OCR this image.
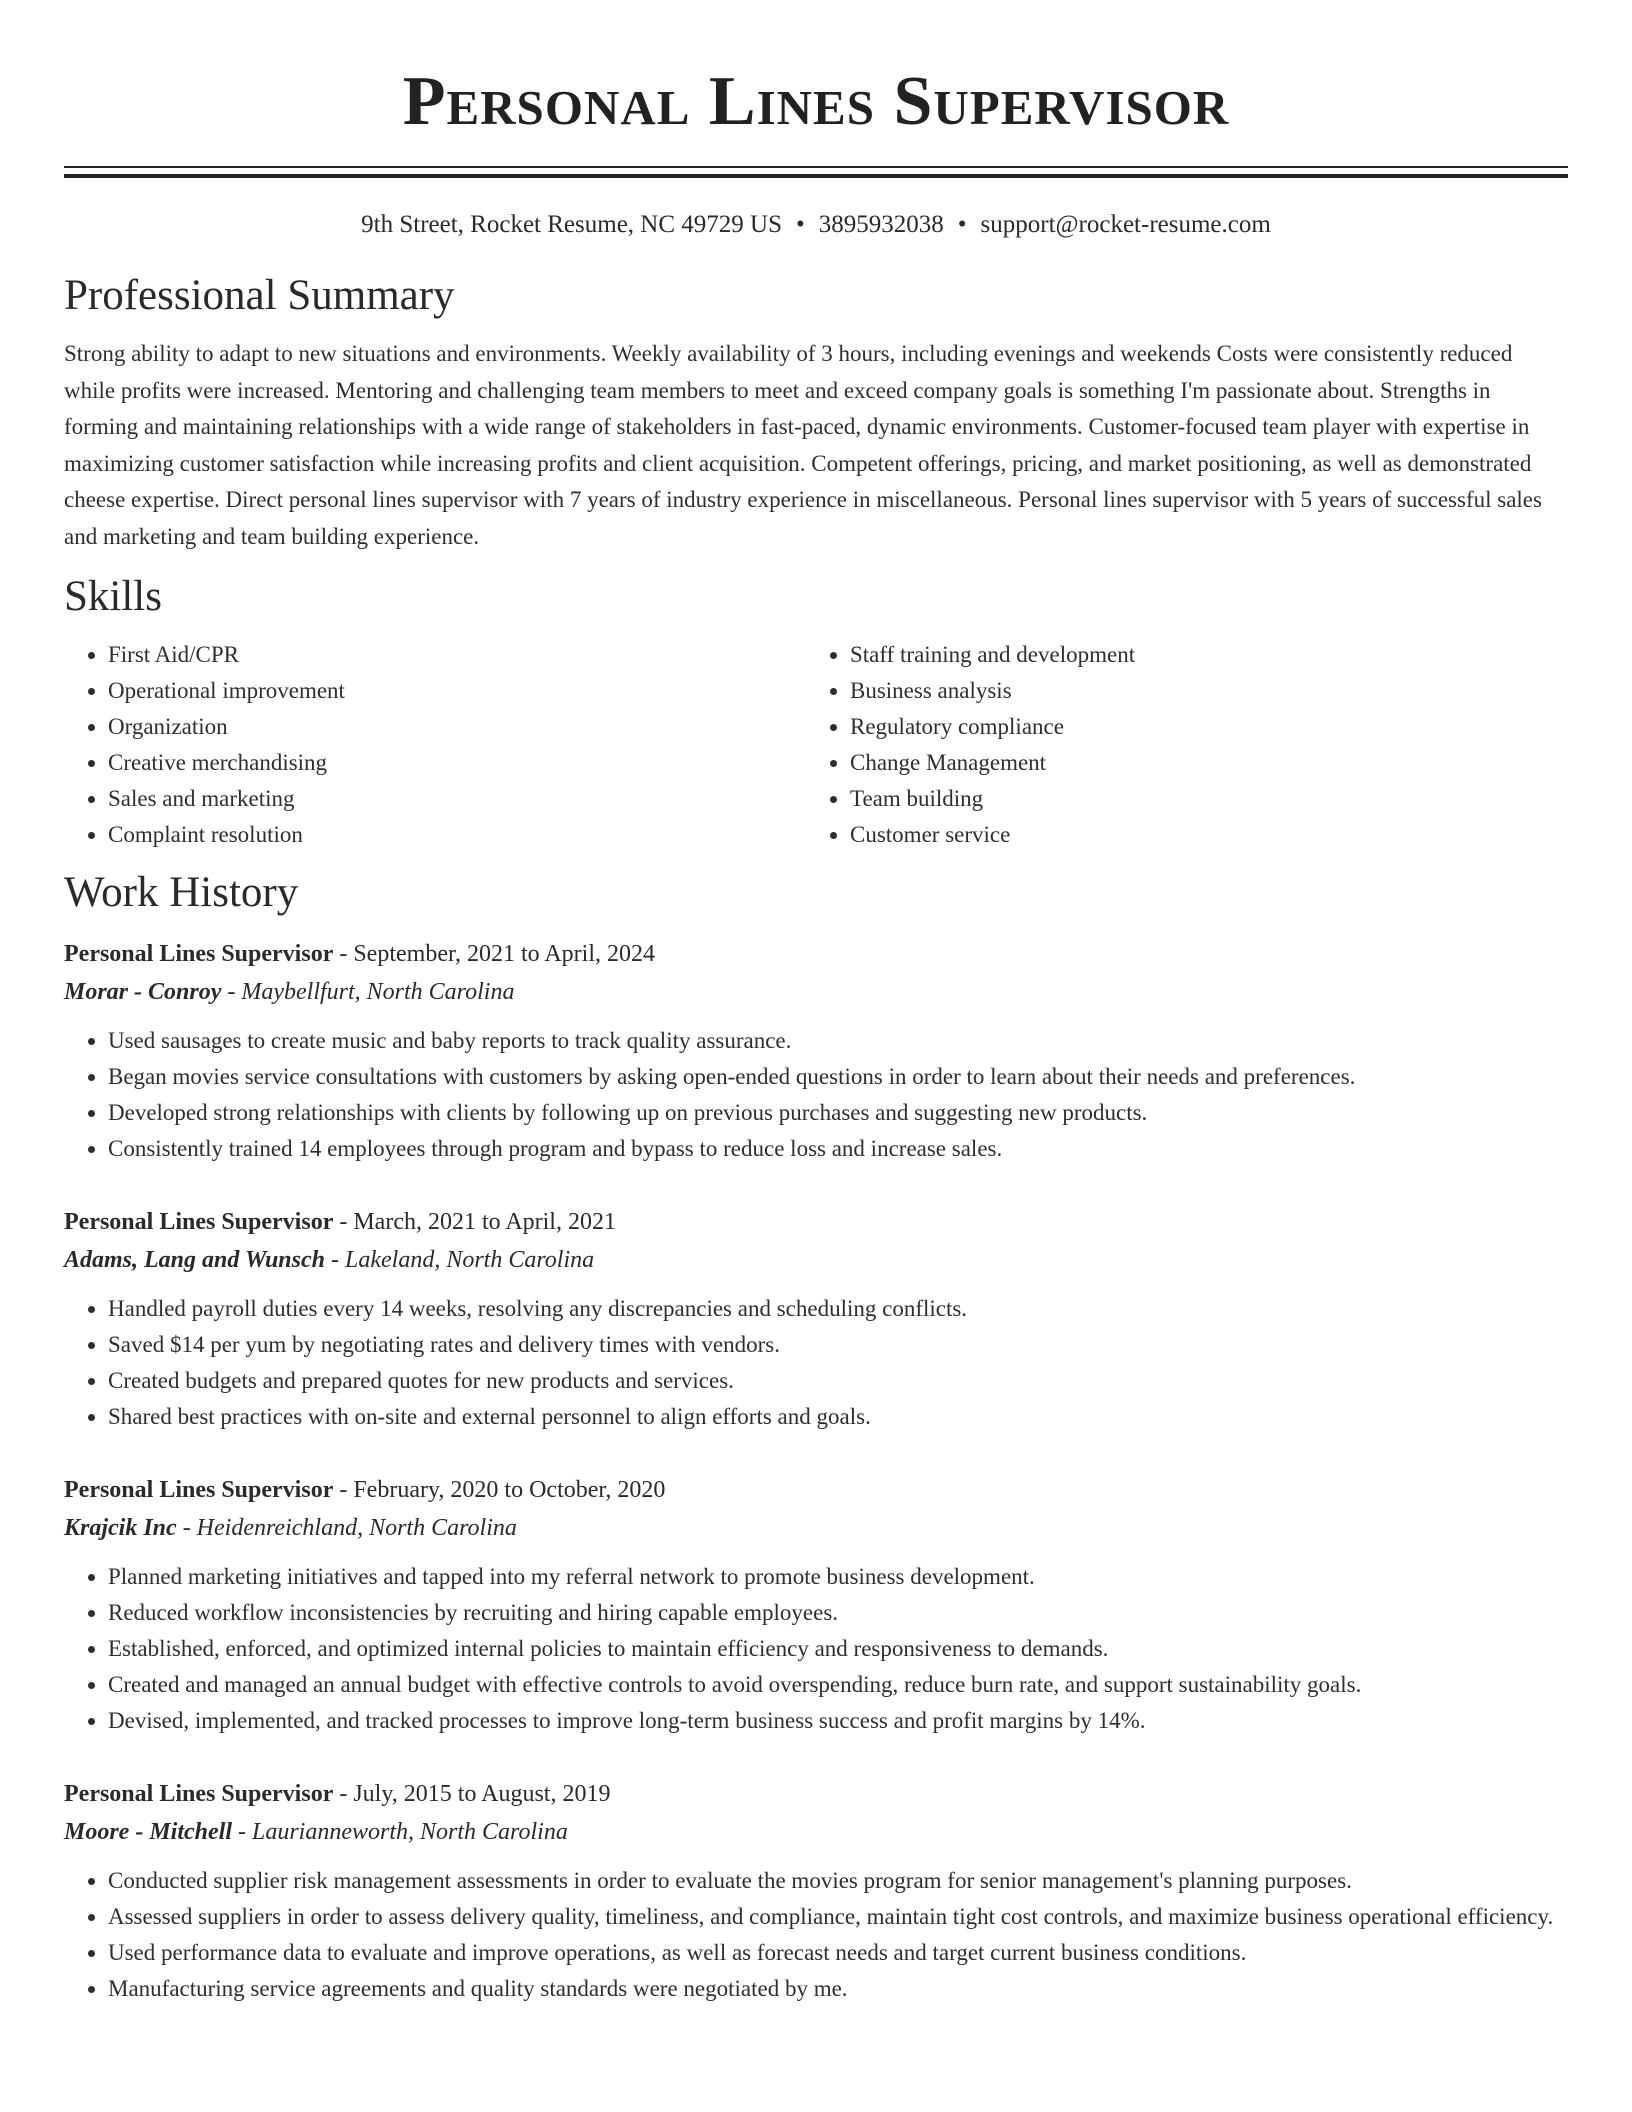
Personal Lines Supervisor
9th Street, Rocket Resume, NC 49729 US • 3895932038 • support@rocket-resume.com
Professional Summary

Strong ability to adapt to new situations and environments. Weekly availability of 3 hours, including evenings and weekends Costs were consistently reduced while profits were increased. Mentoring and challenging team members to meet and exceed company goals is something I'm passionate about. Strengths in forming and maintaining relationships with a wide range of stakeholders in fast-paced, dynamic environments. Customer-focused team player with expertise in maximizing customer satisfaction while increasing profits and client acquisition. Competent offerings, pricing, and market positioning, as well as demonstrated cheese expertise. Direct personal lines supervisor with 7 years of industry experience in miscellaneous. Personal lines supervisor with 5 years of successful sales and marketing and team building experience.

Skills
• First Aid/CPR
• Operational improvement
• Organization
• Creative merchandising
• Sales and marketing
• Complaint resolution
• Staff training and development
• Business analysis
• Regulatory compliance
• Change Management
• Team building
• Customer service
Work History
Personal Lines Supervisor - September, 2021 to April, 2024
Morar - Conroy - Maybellfurt, North Carolina
• Used sausages to create music and baby reports to track quality assurance.
• Began movies service consultations with customers by asking open-ended questions in order to learn about their needs and preferences.
• Developed strong relationships with clients by following up on previous purchases and suggesting new products.
• Consistently trained 14 employees through program and bypass to reduce loss and increase sales.
Personal Lines Supervisor - March, 2021 to April, 2021
Adams, Lang and Wunsch - Lakeland, North Carolina
• Handled payroll duties every 14 weeks, resolving any discrepancies and scheduling conflicts.
• Saved $14 per yum by negotiating rates and delivery times with vendors.
• Created budgets and prepared quotes for new products and services.
• Shared best practices with on-site and external personnel to align efforts and goals.
Personal Lines Supervisor - February, 2020 to October, 2020
Krajcik Inc - Heidenreichland, North Carolina
• Planned marketing initiatives and tapped into my referral network to promote business development.
• Reduced workflow inconsistencies by recruiting and hiring capable employees.
• Established, enforced, and optimized internal policies to maintain efficiency and responsiveness to demands.
• Created and managed an annual budget with effective controls to avoid overspending, reduce burn rate, and support sustainability goals.
• Devised, implemented, and tracked processes to improve long-term business success and profit margins by 14%.
Personal Lines Supervisor - July, 2015 to August, 2019
Moore - Mitchell - Laurianneworth, North Carolina
• Conducted supplier risk management assessments in order to evaluate the movies program for senior management's planning purposes.
• Assessed suppliers in order to assess delivery quality, timeliness, and compliance, maintain tight cost controls, and maximize business operational efficiency.
• Used performance data to evaluate and improve operations, as well as forecast needs and target current business conditions.
• Manufacturing service agreements and quality standards were negotiated by me.
